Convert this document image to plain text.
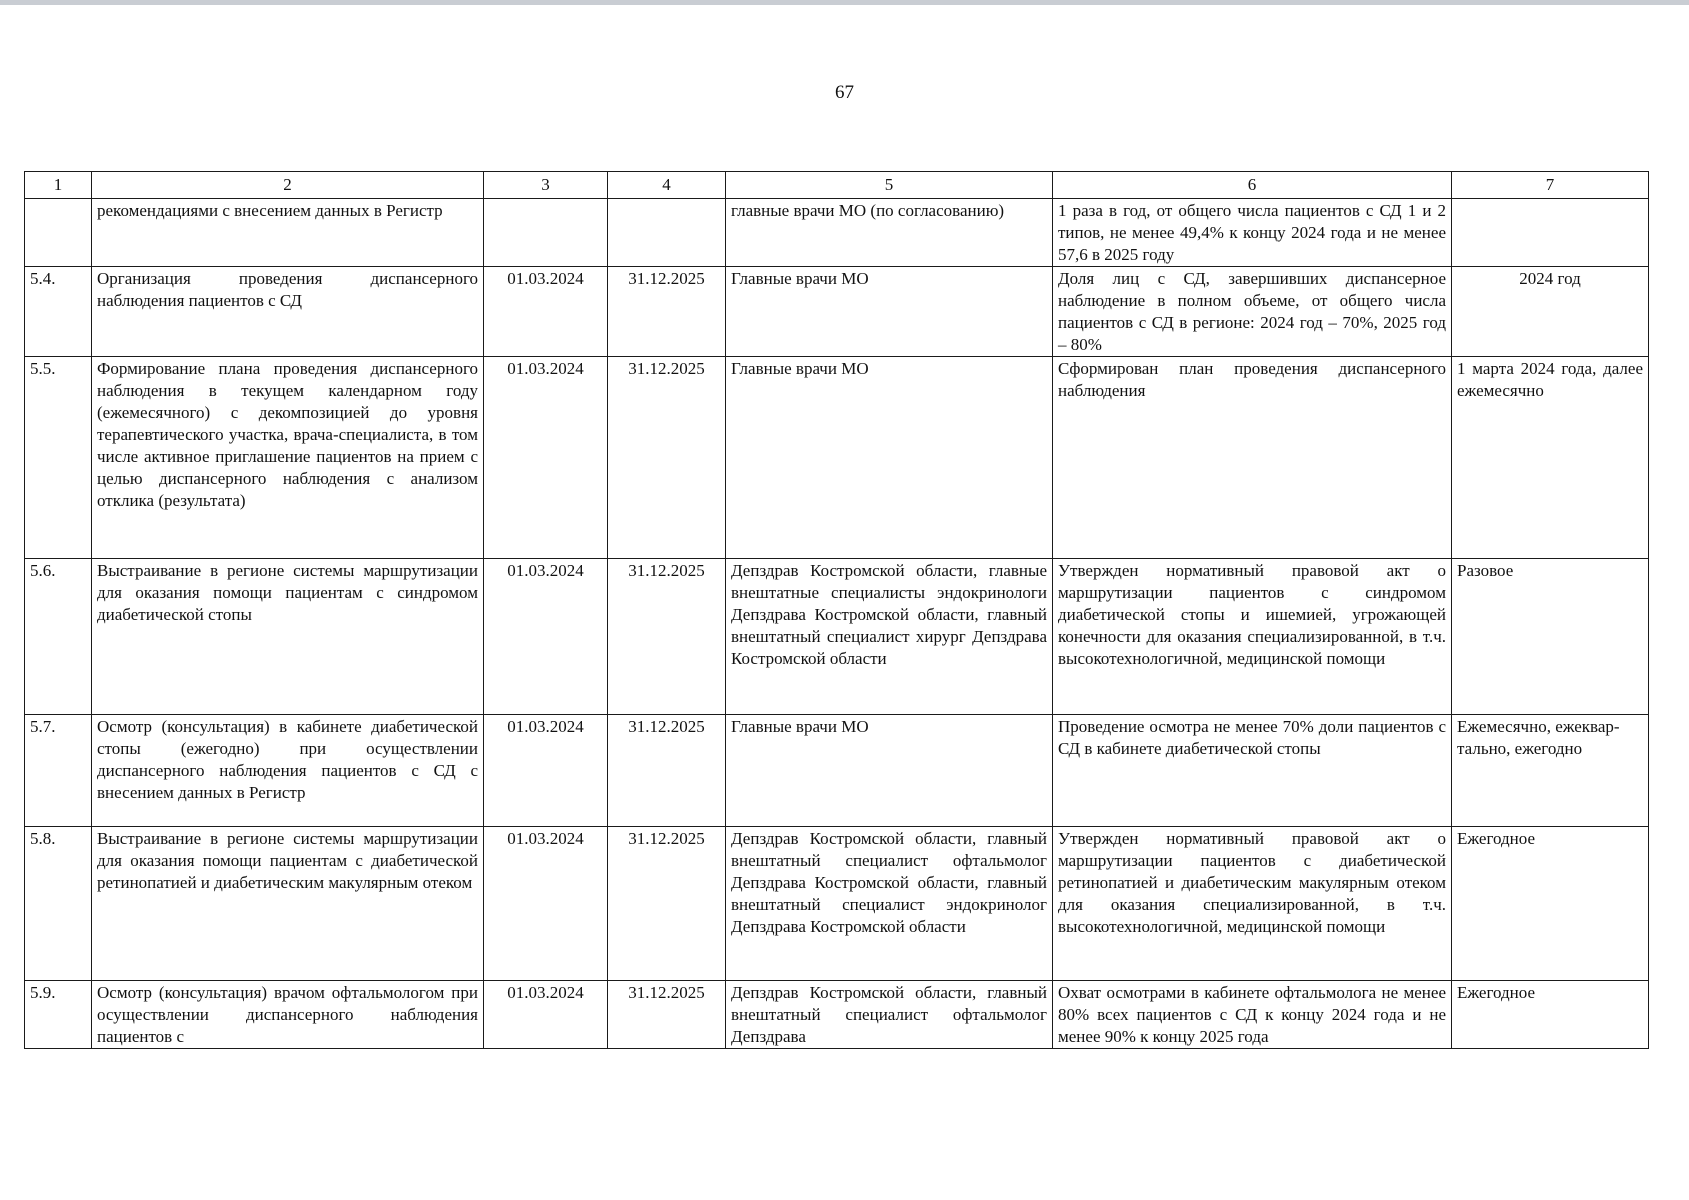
67
1	2	3	4	5	6	7
	рекомендациями с внесением данных в Регистр			главные врачи МО (по согласованию)	1 раза в год, от общего числа пациентов с СД 1 и 2 типов, не менее 49,4% к концу 2024 года и не менее 57,6 в 2025 году	
5.4.	Организация проведения диспансерного наблюдения пациентов с СД	01.03.2024	31.12.2025	Главные врачи МО	Доля лиц с СД, завершивших диспансерное наблюдение в полном объеме, от общего числа пациентов с СД в регионе: 2024 год – 70%, 2025 год – 80%	2024 год
5.5.	Формирование плана проведения диспансерного наблюдения в текущем календарном году (ежемесячного) с декомпозицией до уровня терапевтического участка, врача-специалиста, в том числе активное приглашение пациентов на прием с целью диспансерного наблюдения с анализом отклика (результата)	01.03.2024	31.12.2025	Главные врачи МО	Сформирован план проведения диспансерного наблюдения	1 марта 2024 года, далее ежемесячно
5.6.	Выстраивание в регионе системы маршрутизации для оказания помощи пациентам с синдромом диабетической стопы	01.03.2024	31.12.2025	Депздрав Костромской области, главные внештатные специалисты эндокринологи Депздрава Костромской области, главный внештатный специалист хирург Депздрава Костромской области	Утвержден нормативный правовой акт о маршрутизации пациентов с синдромом диабетической стопы и ишемией, угрожающей конечности для оказания специализированной, в т.ч. высокотехнологичной, медицинской помощи	Разовое
5.7.	Осмотр (консультация) в кабинете диабетической стопы (ежегодно) при осуществлении диспансерного наблюдения пациентов с СД с внесением данных в Регистр	01.03.2024	31.12.2025	Главные врачи МО	Проведение осмотра не менее 70% доли пациентов с СД в кабинете диабетической стопы	Ежемесячно, ежеквар-тально, ежегодно
5.8.	Выстраивание в регионе системы маршрутизации для оказания помощи пациентам с диабетической ретинопатией и диабетическим макулярным отеком	01.03.2024	31.12.2025	Депздрав Костромской области, главный внештатный специалист офтальмолог Депздрава Костромской области, главный внештатный специалист эндокринолог Депздрава Костромской области	Утвержден нормативный правовой акт о маршрутизации пациентов с диабетической ретинопатией и диабетическим макулярным отеком для оказания специализированной, в т.ч. высокотехнологичной, медицинской помощи	Ежегодное
5.9.	Осмотр (консультация) врачом офтальмологом при осуществлении диспансерного наблюдения пациентов с	01.03.2024	31.12.2025	Депздрав Костромской области, главный внештатный специалист офтальмолог Депздрава	Охват осмотрами в кабинете офтальмолога не менее 80% всех пациентов с СД к концу 2024 года и не менее 90% к концу 2025 года	Ежегодное
